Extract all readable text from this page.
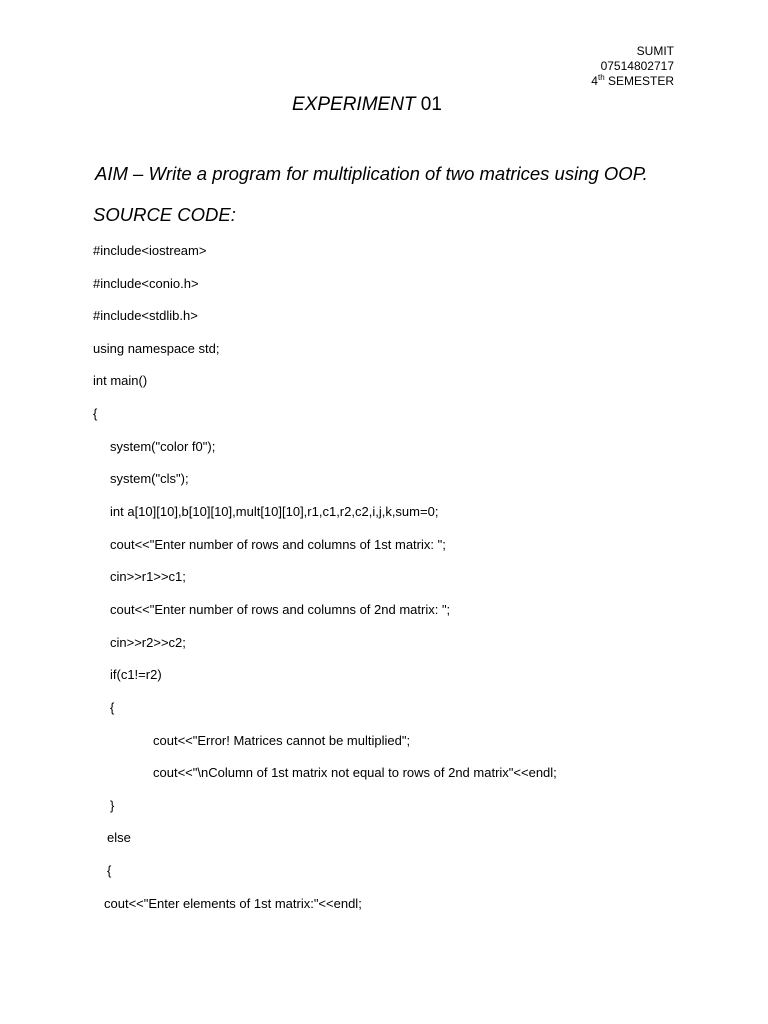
SUMIT
07514802717
4th SEMESTER
EXPERIMENT 01
AIM – Write a program for multiplication of two matrices using OOP.
SOURCE CODE:
#include<iostream>
#include<conio.h>
#include<stdlib.h>
using namespace std;
int main()
{
system("color f0");
system("cls");
int a[10][10],b[10][10],mult[10][10],r1,c1,r2,c2,i,j,k,sum=0;
cout<<"Enter number of rows and columns of 1st matrix: ";
cin>>r1>>c1;
cout<<"Enter number of rows and columns of 2nd matrix: ";
cin>>r2>>c2;
if(c1!=r2)
{
cout<<"Error! Matrices cannot be multiplied";
cout<<"\nColumn of 1st matrix not equal to rows of 2nd matrix"<<endl;
}
else
{
cout<<"Enter elements of 1st matrix:"<<endl;
